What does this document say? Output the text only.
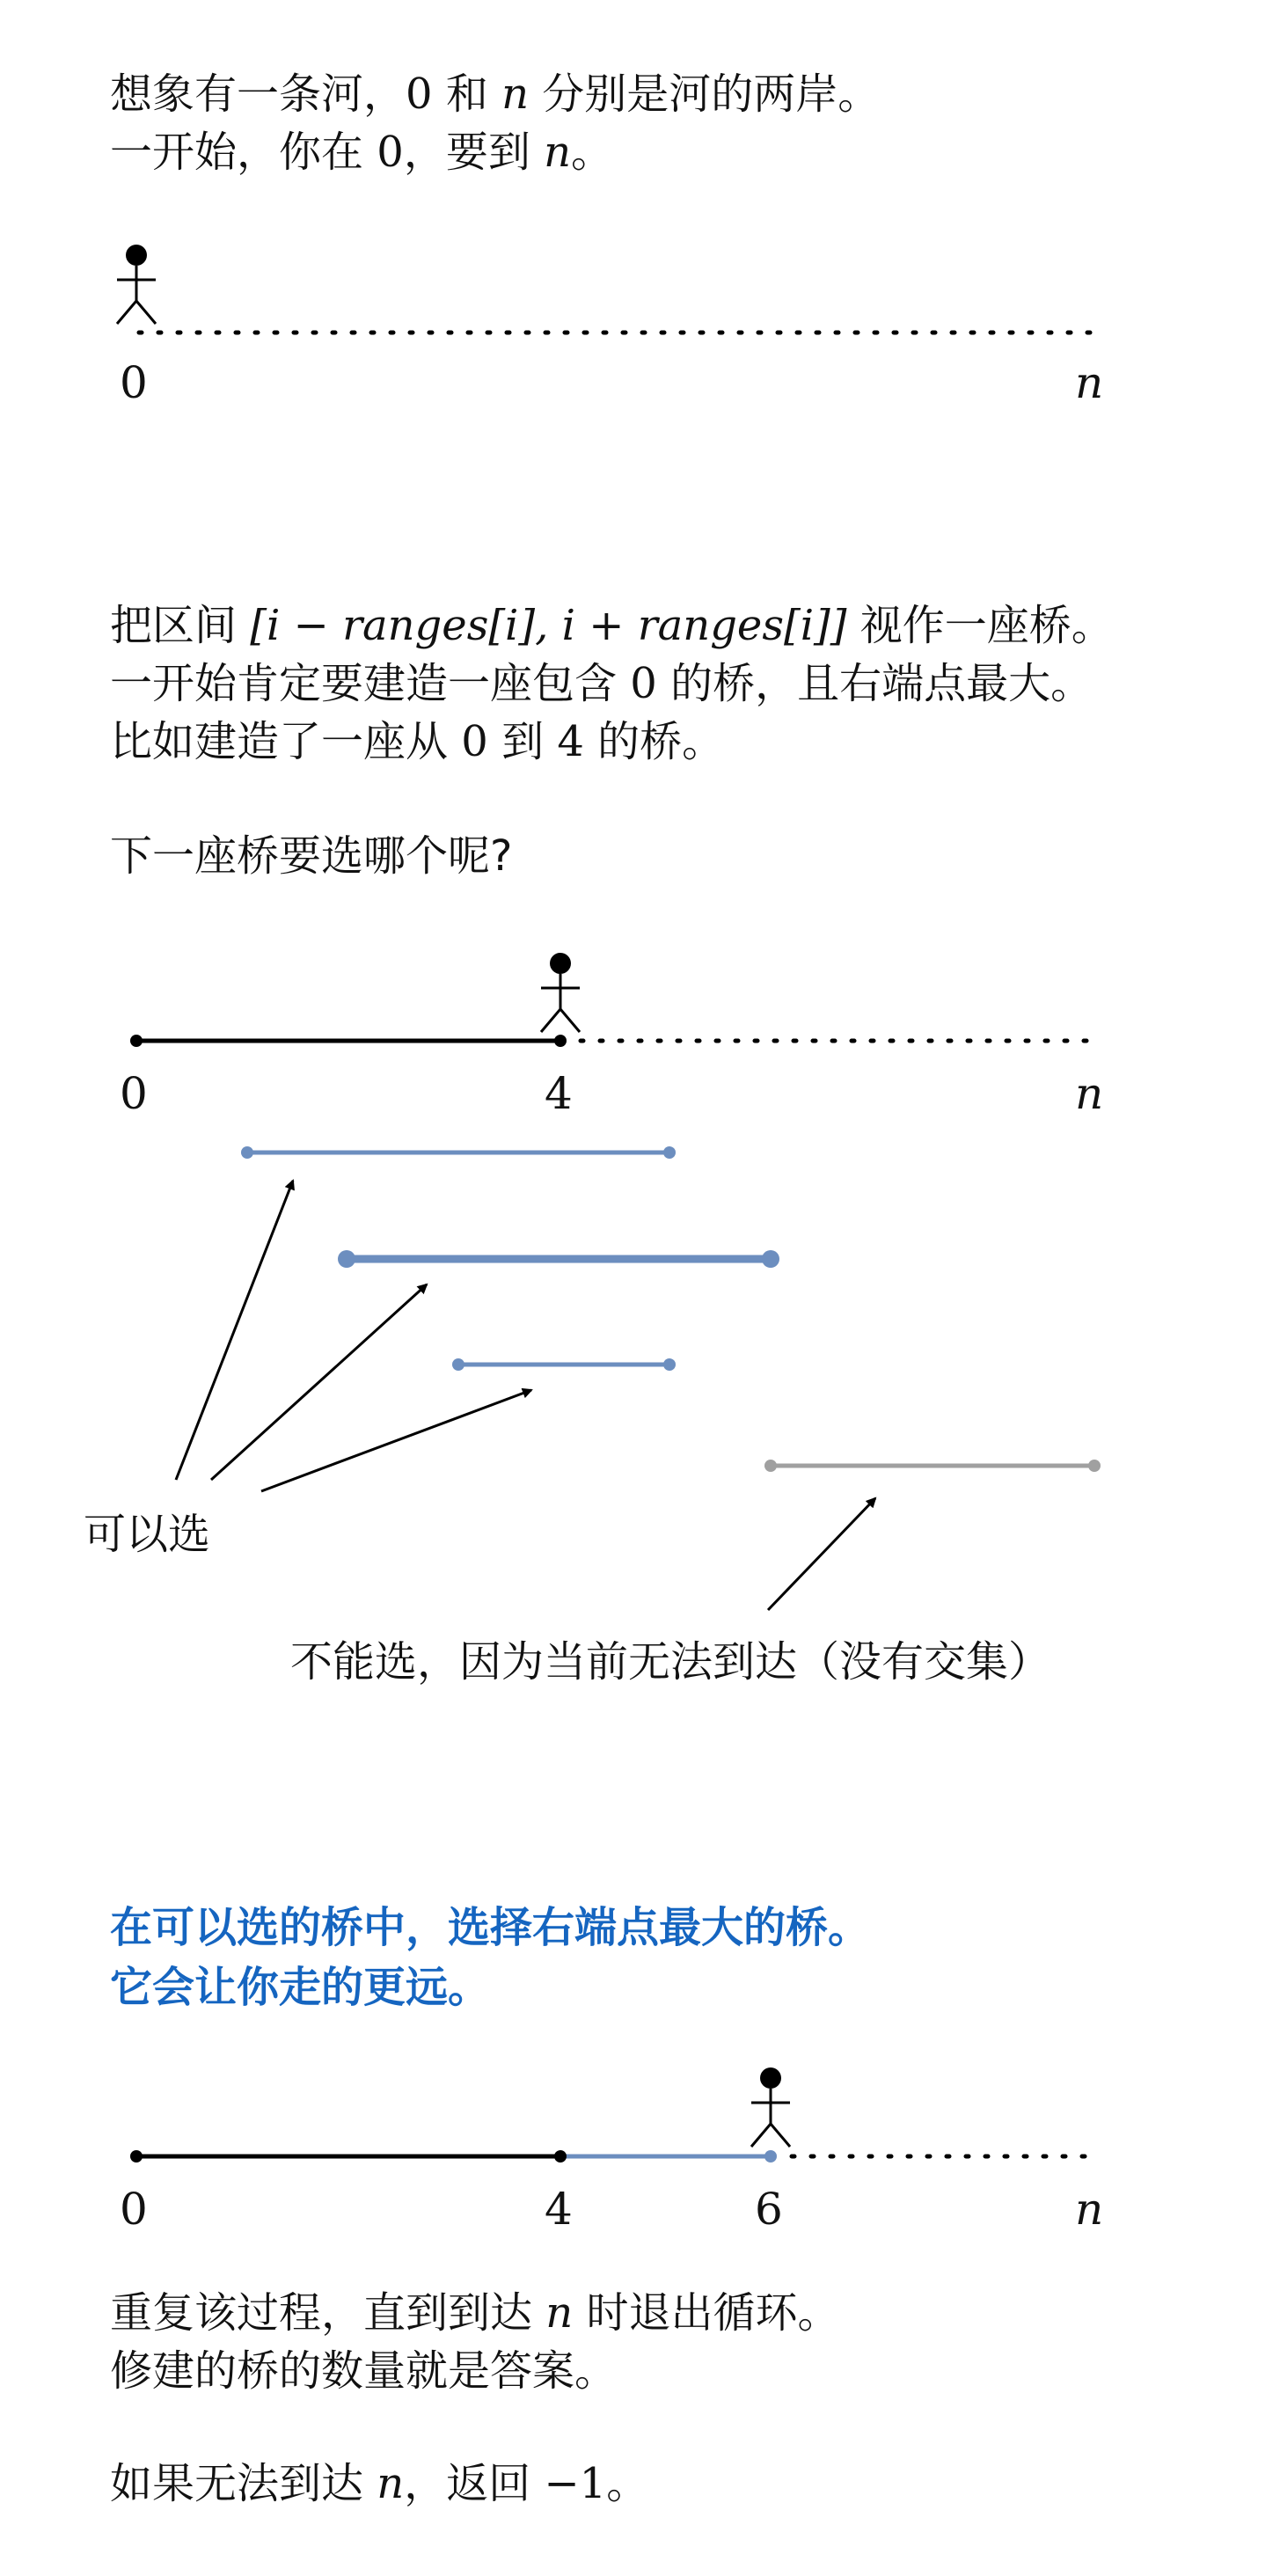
想象有一条河，0 和 n 分别是河的两岸。
一开始，你在 0，要到 n。
把区间 [i − ranges[i], i + ranges[i]] 视作一座桥。
一开始肯定要建造一座包含 0 的桥，且右端点最大。
比如建造了一座从 0 到 4 的桥。
下一座桥要选哪个呢?
在可以选的桥中，选择右端点最大的桥。
它会让你走的更远。
重复该过程，直到到达 n 时退出循环。
修建的桥的数量就是答案。
如果无法到达 n，返回 −1。
0	n
0	4	n
可以选
不能选，因为当前无法到达（没有交集）
0	4	6	n
